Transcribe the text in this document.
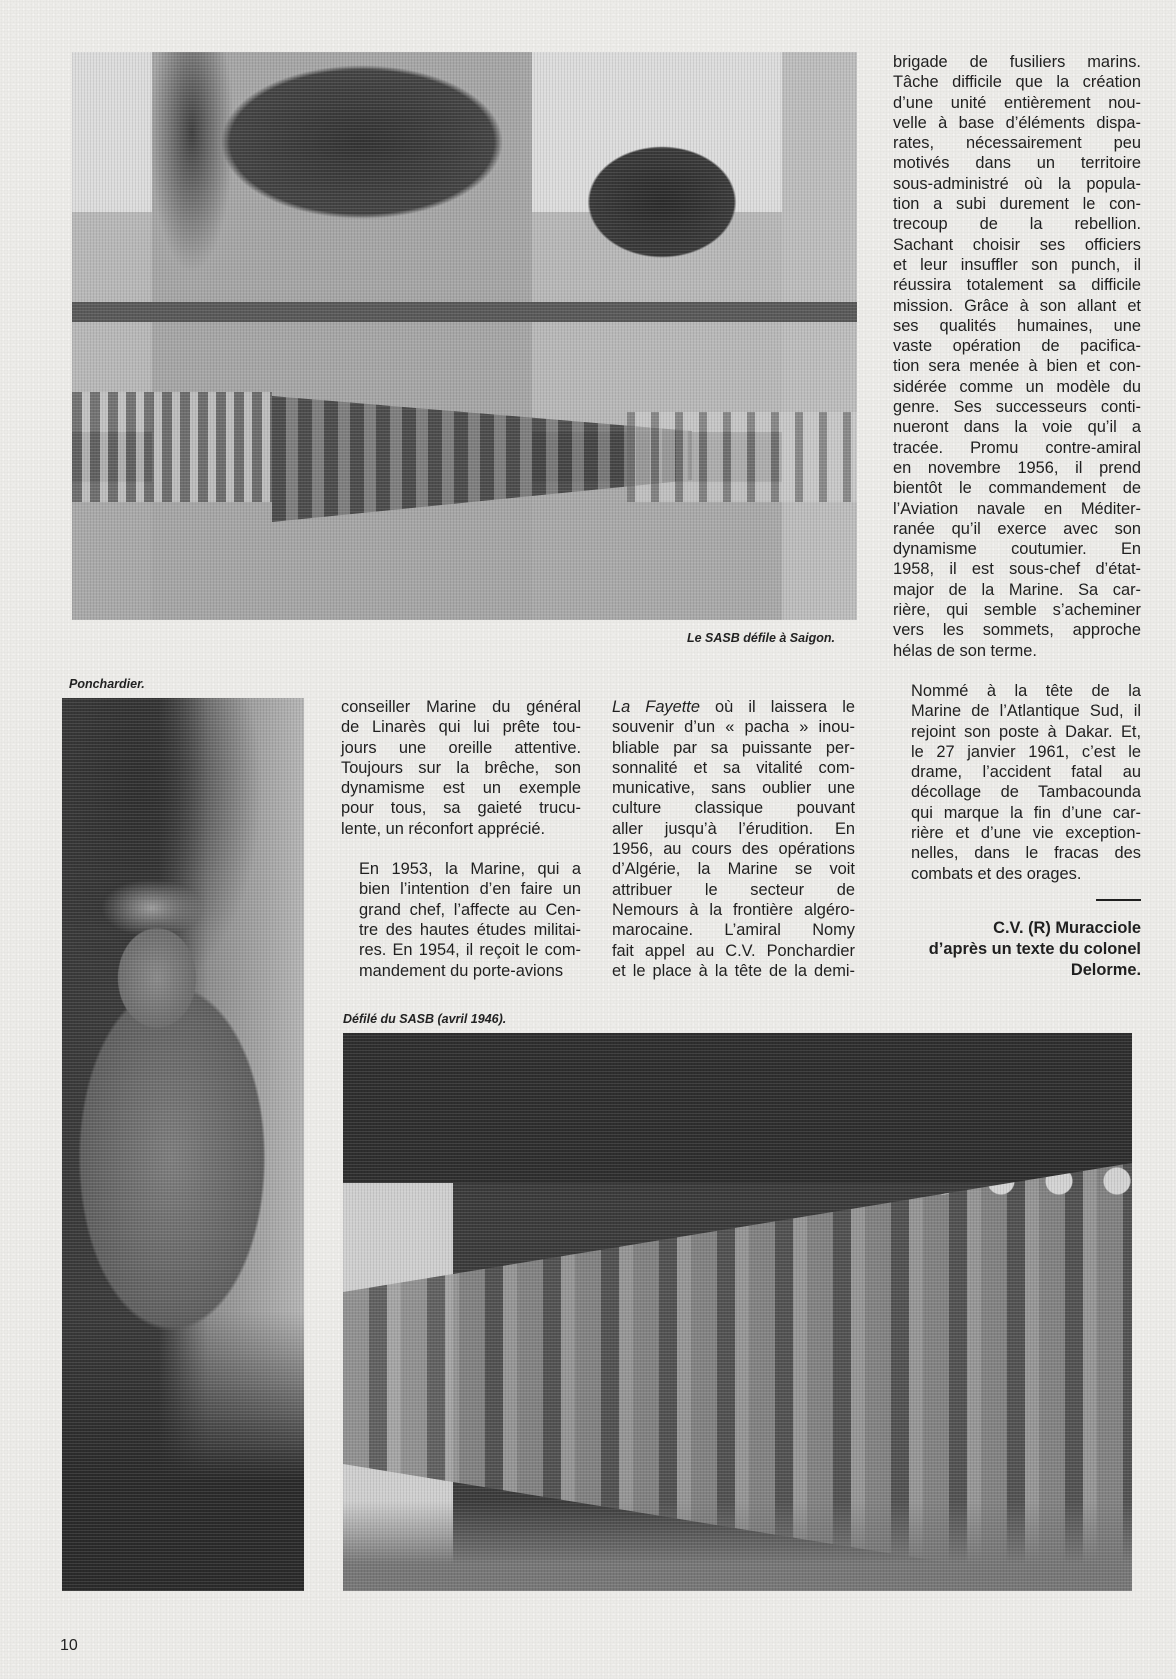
Le SASB défile à Saigon.
Ponchardier.
Défilé du SASB (avril 1946).

brigade de fusiliers marins.
Tâche difficile que la création
d’une unité entièrement nou-
velle à base d’éléments dispa-
rates, nécessairement peu
motivés dans un territoire
sous-administré où la popula-
tion a subi durement le con-
trecoup de la rebellion.
Sachant choisir ses officiers
et leur insuffler son punch, il
réussira totalement sa difficile
mission. Grâce à son allant et
ses qualités humaines, une
vaste opération de pacifica-
tion sera menée à bien et con-
sidérée comme un modèle du
genre. Ses successeurs conti-
nueront dans la voie qu’il a
tracée. Promu contre-amiral
en novembre 1956, il prend
bientôt le commandement de
l’Aviation navale en Méditer-
ranée qu’il exerce avec son
dynamisme coutumier. En
1958, il est sous-chef d’état-
major de la Marine. Sa car-
rière, qui semble s’acheminer
vers les sommets, approche
hélas de son terme.

Nommé à la tête de la
Marine de l’Atlantique Sud, il
rejoint son poste à Dakar. Et,
le 27 janvier 1961, c’est le
drame, l’accident fatal au
décollage de Tambacounda
qui marque la fin d’une car-
rière et d’une vie exception-
nelles, dans le fracas des
combats et des orages.

conseiller Marine du général
de Linarès qui lui prête tou-
jours une oreille attentive.
Toujours sur la brêche, son
dynamisme est un exemple
pour tous, sa gaieté trucu-
lente, un réconfort apprécié.

En 1953, la Marine, qui a
bien l’intention d’en faire un
grand chef, l’affecte au Cen-
tre des hautes études militai-
res. En 1954, il reçoit le com-
mandement du porte-avions

La Fayette où il laissera le
souvenir d’un « pacha » inou-
bliable par sa puissante per-
sonnalité et sa vitalité com-
municative, sans oublier une
culture classique pouvant
aller jusqu’à l’érudition. En
1956, au cours des opérations
d’Algérie, la Marine se voit
attribuer le secteur de
Nemours à la frontière algéro-
marocaine. L’amiral Nomy
fait appel au C.V. Ponchardier
et le place à la tête de la demi-

C.V. (R) Muracciole
d’après un texte du colonel
Delorme.
10
